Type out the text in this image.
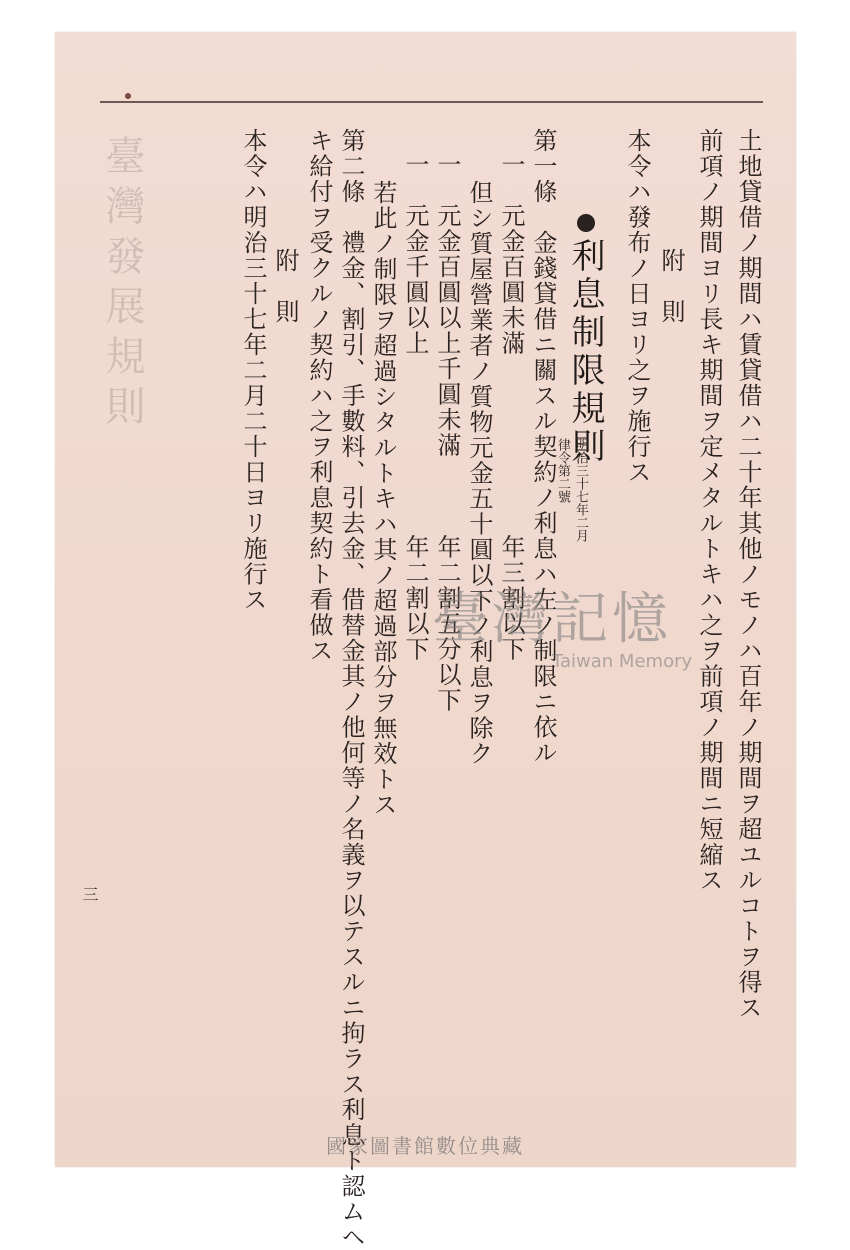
臺灣發展規則	土地貸借ノ期間ハ賃貸借ハ二十年其他ノモノハ百年ノ期間ヲ超ユルコトヲ得ス
前項ノ期間ヨリ長キ期間ヲ定メタルトキハ之ヲ前項ノ期間ニ短縮ス
附　則
本令ハ發布ノ日ヨリ之ヲ施行ス
利息制限規則
明治三十七年二月
律令第二號
第一條　金錢貸借ニ關スル契約ノ利息ハ左ノ制限ニ依ル
一　元金百圓未滿　　　　　　　年三割以下
但シ質屋營業者ノ質物元金五十圓以下ノ利息ヲ除ク
一　元金百圓以上千圓未滿　　　年二割五分以下
一　元金千圓以上　　　　　　　年二割以下
若此ノ制限ヲ超過シタルトキハ其ノ超過部分ヲ無效トス
第二條　禮金、割引、手數料、引去金、借替金其ノ他何等ノ名義ヲ以テスルニ拘ラス利息ト認ムヘ
キ給付ヲ受クルノ契約ハ之ヲ利息契約ト看做ス
附　則
本令ハ明治三十七年二月二十日ヨリ施行ス
三
臺灣記憶
Taiwan Memory
國家圖書館數位典藏
